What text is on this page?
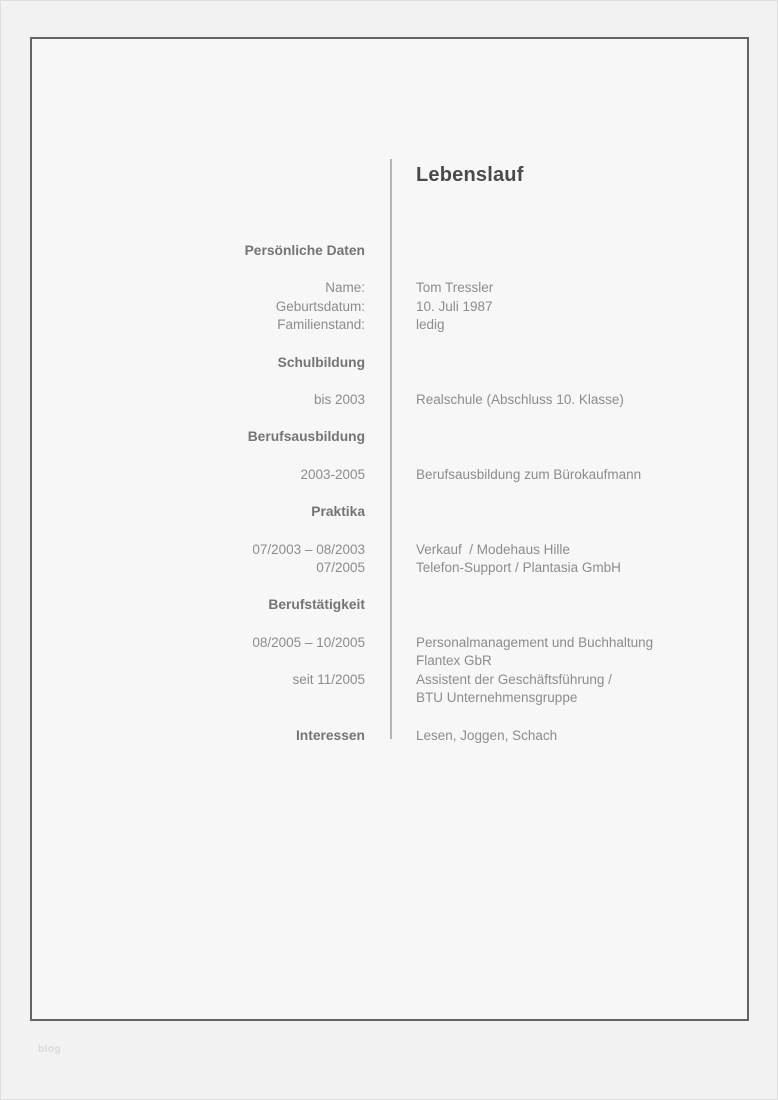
Lebenslauf
Persönliche Daten
Name:	Tom Tressler
Geburtsdatum:	10. Juli 1987
Familienstand:	ledig
Schulbildung
bis 2003	Realschule (Abschluss 10. Klasse)
Berufsausbildung
2003-2005	Berufsausbildung zum Bürokaufmann
Praktika
07/2003 – 08/2003	Verkauf  / Modehaus Hille
07/2005	Telefon-Support / Plantasia GmbH
Berufstätigkeit
08/2005 – 10/2005	Personalmanagement und Buchhaltung
Flantex GbR
seit 11/2005	Assistent der Geschäftsführung /
BTU Unternehmensgruppe
Interessen	Lesen, Joggen, Schach
blog
